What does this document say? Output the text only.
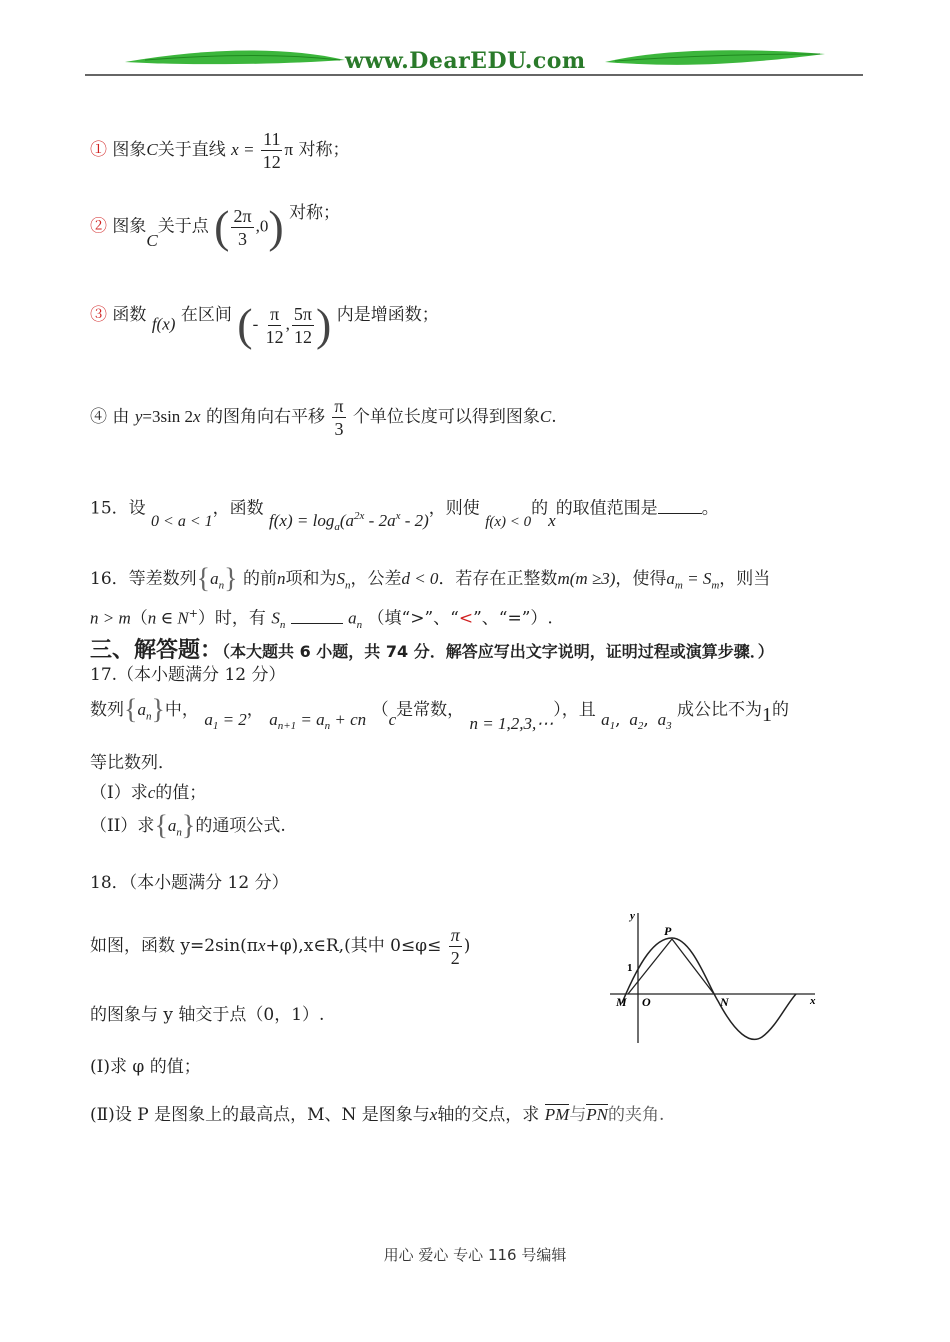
www.DearEDU.com
① 图象C关于直线 $x = \frac{11}{12}$ π 对称；
② 图象C关于点 ( $\frac{2\pi}{3} ,0$) 对称；
③ 函数 f(x) 在区间 (- $\frac{\pi}{12}$ , $\frac{5\pi}{12}$ ) 内是增函数；
④ 由 y=3sin 2x 的图角向右平移 $\frac{\pi}{3}$ 个单位长度可以得到图象C.
15．设 0 < a < 1，函数 $f(x) = \log_a(a^{2x} - 2a^x - 2)$，则使 f(x) < 0的x的取值范围是	。
16．等差数列$\{a_n\}$ 的前n项和为$S_n$，公差d < 0．若存在正整数m(m ≥3)，使得$a_m = S_m$，则当
n > m（n ∈ N+）时，有 $S_n$	$a_n$ （填“>”、“<”、“=”）.
三、解答题：（本大题共 6 小题，共 74 分．解答应写出文字说明，证明过程或演算步骤．）
17.（本小题满分 12 分）
数列$\{a_n\}$中， $a_1 = 2$， $a_{n+1} = a_n$ + cn （c是常数， n = 1,2,3,⋯），且 $a_1$,  $a_2$,  $a_3$ 成公比不为1的
等比数列．
（I）求c的值；
（II）求$\{a_n\}$的通项公式.
18．（本小题满分 12 分）
如图，函数 y=2sin(πx+φ),x∈R,(其中 $0\le\varphi\le \frac{\pi}{2}$ )
的图象与 y 轴交于点（0，1）.
(Ⅰ)求 φ 的值；
(Ⅱ)设 P 是图象上的最高点，M、N 是图象与x轴的交点，求 PM与PN的夹角.
y
x
P
1
M O	N
用心 爱心 专心 116 号编辑
